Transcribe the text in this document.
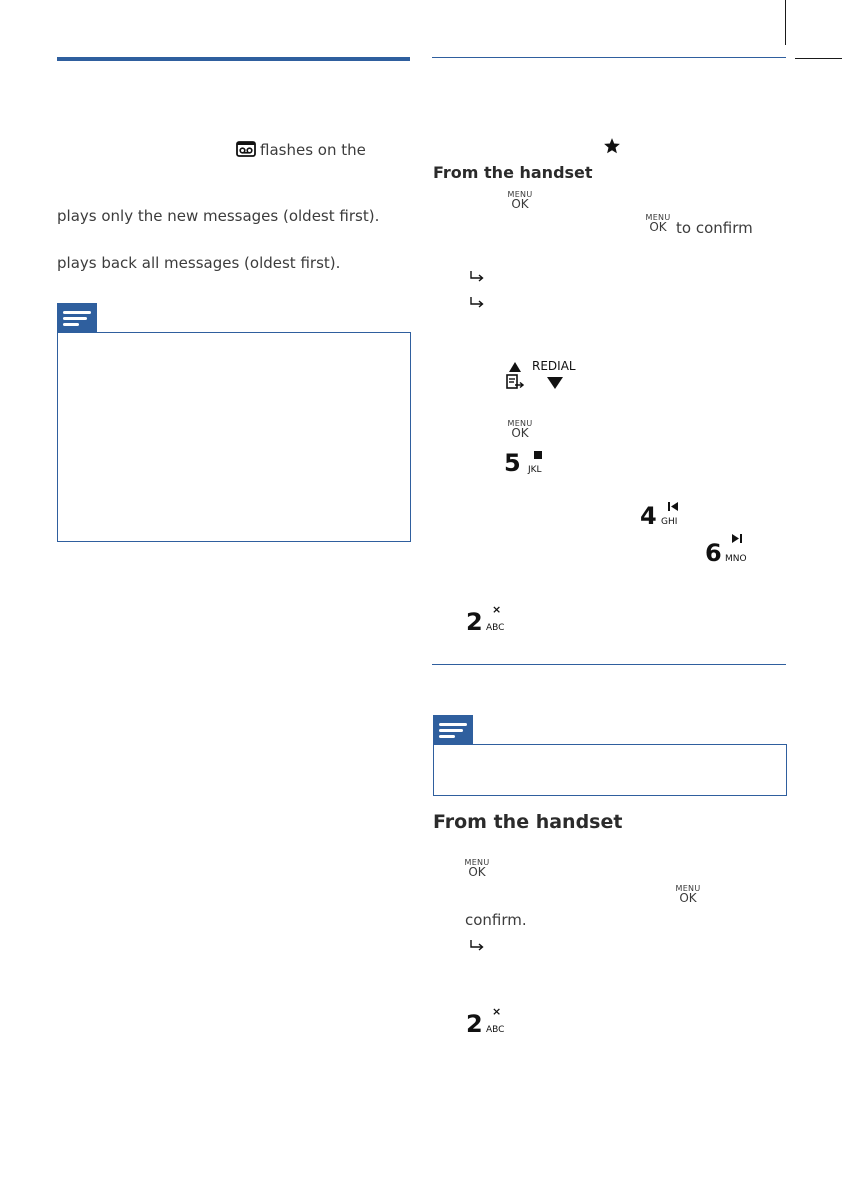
flashes on the
plays only the new messages (oldest first).
plays back all messages (oldest first).
From the handset
MENU
OK
MENU
OK to confirm
REDIAL
MENU
OK
5 JKL
4 GHI
6 MNO
2 ABC
×
From the handset
MENU
OK
MENU
OK
confirm.
2 ABC
×
